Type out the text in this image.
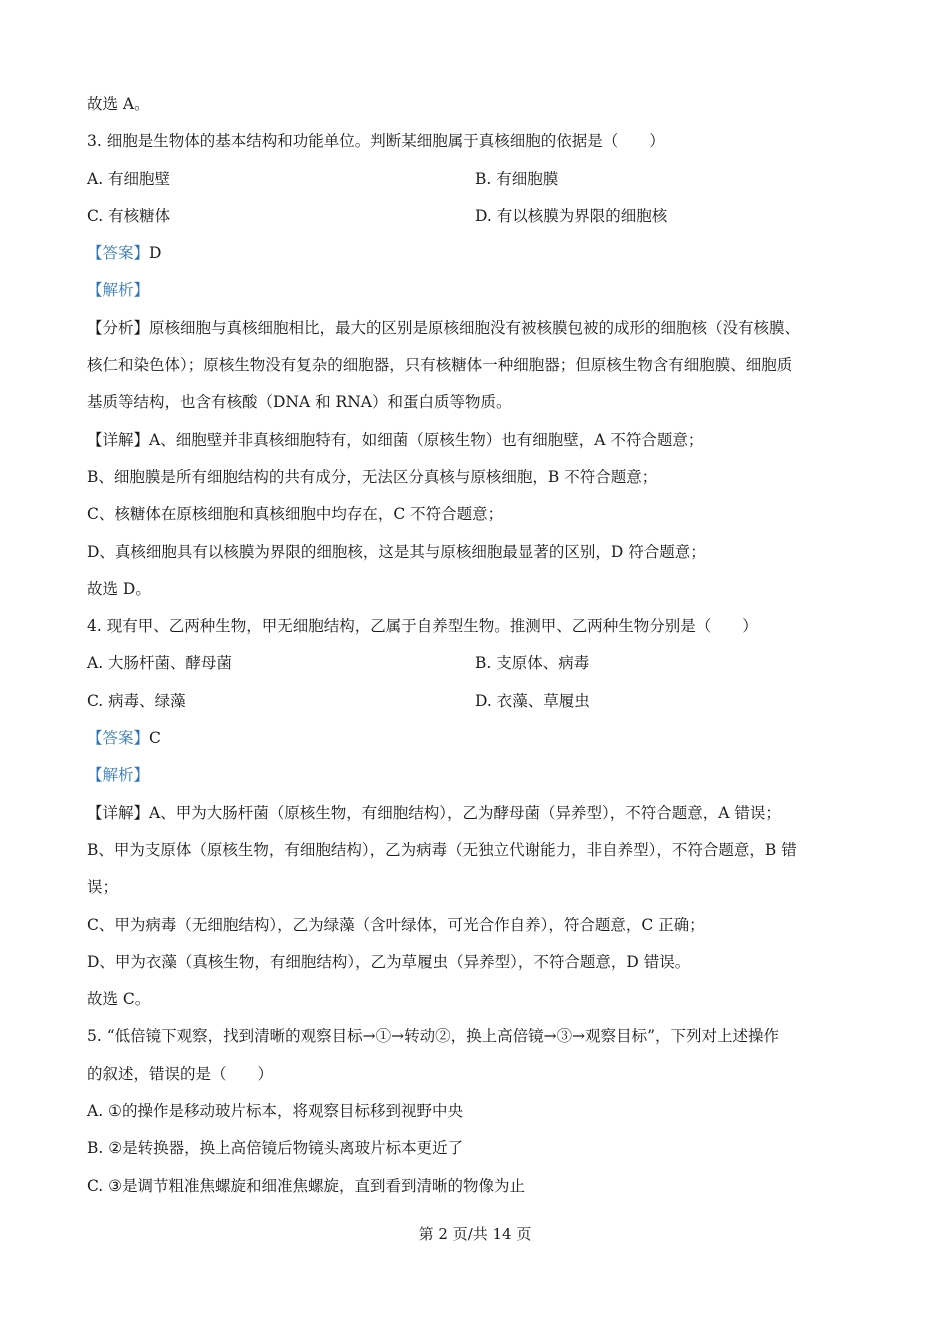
故选 A。
3. 细胞是生物体的基本结构和功能单位。判断某细胞属于真核细胞的依据是（　　）
A. 有细胞壁	B. 有细胞膜
C. 有核糖体	D. 有以核膜为界限的细胞核
【答案】D
【解析】
【分析】原核细胞与真核细胞相比，最大的区别是原核细胞没有被核膜包被的成形的细胞核（没有核膜、
核仁和染色体）；原核生物没有复杂的细胞器，只有核糖体一种细胞器；但原核生物含有细胞膜、细胞质
基质等结构，也含有核酸（DNA 和 RNA）和蛋白质等物质。
【详解】A、细胞壁并非真核细胞特有，如细菌（原核生物）也有细胞壁，A 不符合题意；
B、细胞膜是所有细胞结构的共有成分，无法区分真核与原核细胞，B 不符合题意；
C、核糖体在原核细胞和真核细胞中均存在，C 不符合题意；
D、真核细胞具有以核膜为界限的细胞核，这是其与原核细胞最显著的区别，D 符合题意；
故选 D。
4. 现有甲、乙两种生物，甲无细胞结构，乙属于自养型生物。推测甲、乙两种生物分别是（　　）
A. 大肠杆菌、酵母菌	B. 支原体、病毒
C. 病毒、绿藻	D. 衣藻、草履虫
【答案】C
【解析】
【详解】A、甲为大肠杆菌（原核生物，有细胞结构），乙为酵母菌（异养型），不符合题意，A 错误；
B、甲为支原体（原核生物，有细胞结构），乙为病毒（无独立代谢能力，非自养型），不符合题意，B 错
误；
C、甲为病毒（无细胞结构），乙为绿藻（含叶绿体，可光合作自养），符合题意，C 正确；
D、甲为衣藻（真核生物，有细胞结构），乙为草履虫（异养型），不符合题意，D 错误。
故选 C。
5. “低倍镜下观察，找到清晰的观察目标→①→转动②，换上高倍镜→③→观察目标”，下列对上述操作
的叙述，错误的是（　　）
A. ①的操作是移动玻片标本，将观察目标移到视野中央
B. ②是转换器，换上高倍镜后物镜头离玻片标本更近了
C. ③是调节粗准焦螺旋和细准焦螺旋，直到看到清晰的物像为止
第 2 页/共 14 页
